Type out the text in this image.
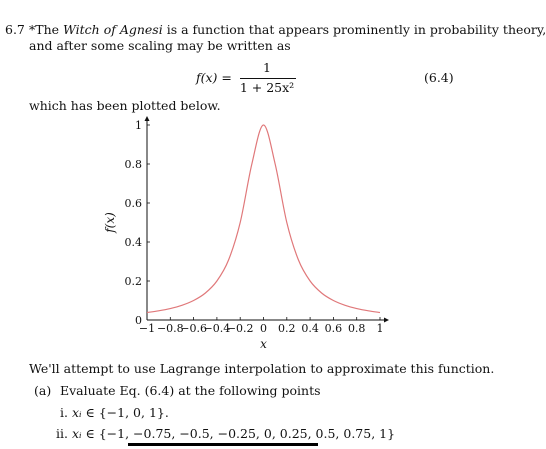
6.7 *The Witch of Agnesi is a function that appears prominently in probability theory,
and after some scaling may be written as
f(x) =
1
1 + 25x²
(6.4)
which has been plotted below.
−1 −0.8
−0.6
−0.4
−0.2 0 0.2 0.4 0.6 0.8 1
0
0.2
0.4
0.6
0.8
1
x
f(x)
We'll attempt to use Lagrange interpolation to approximate this function.
(a) Evaluate Eq. (6.4) at the following points
i. xᵢ ∈ {−1, 0, 1}.
ii. xᵢ ∈ {−1, −0.75, −0.5, −0.25, 0, 0.25, 0.5, 0.75, 1}
